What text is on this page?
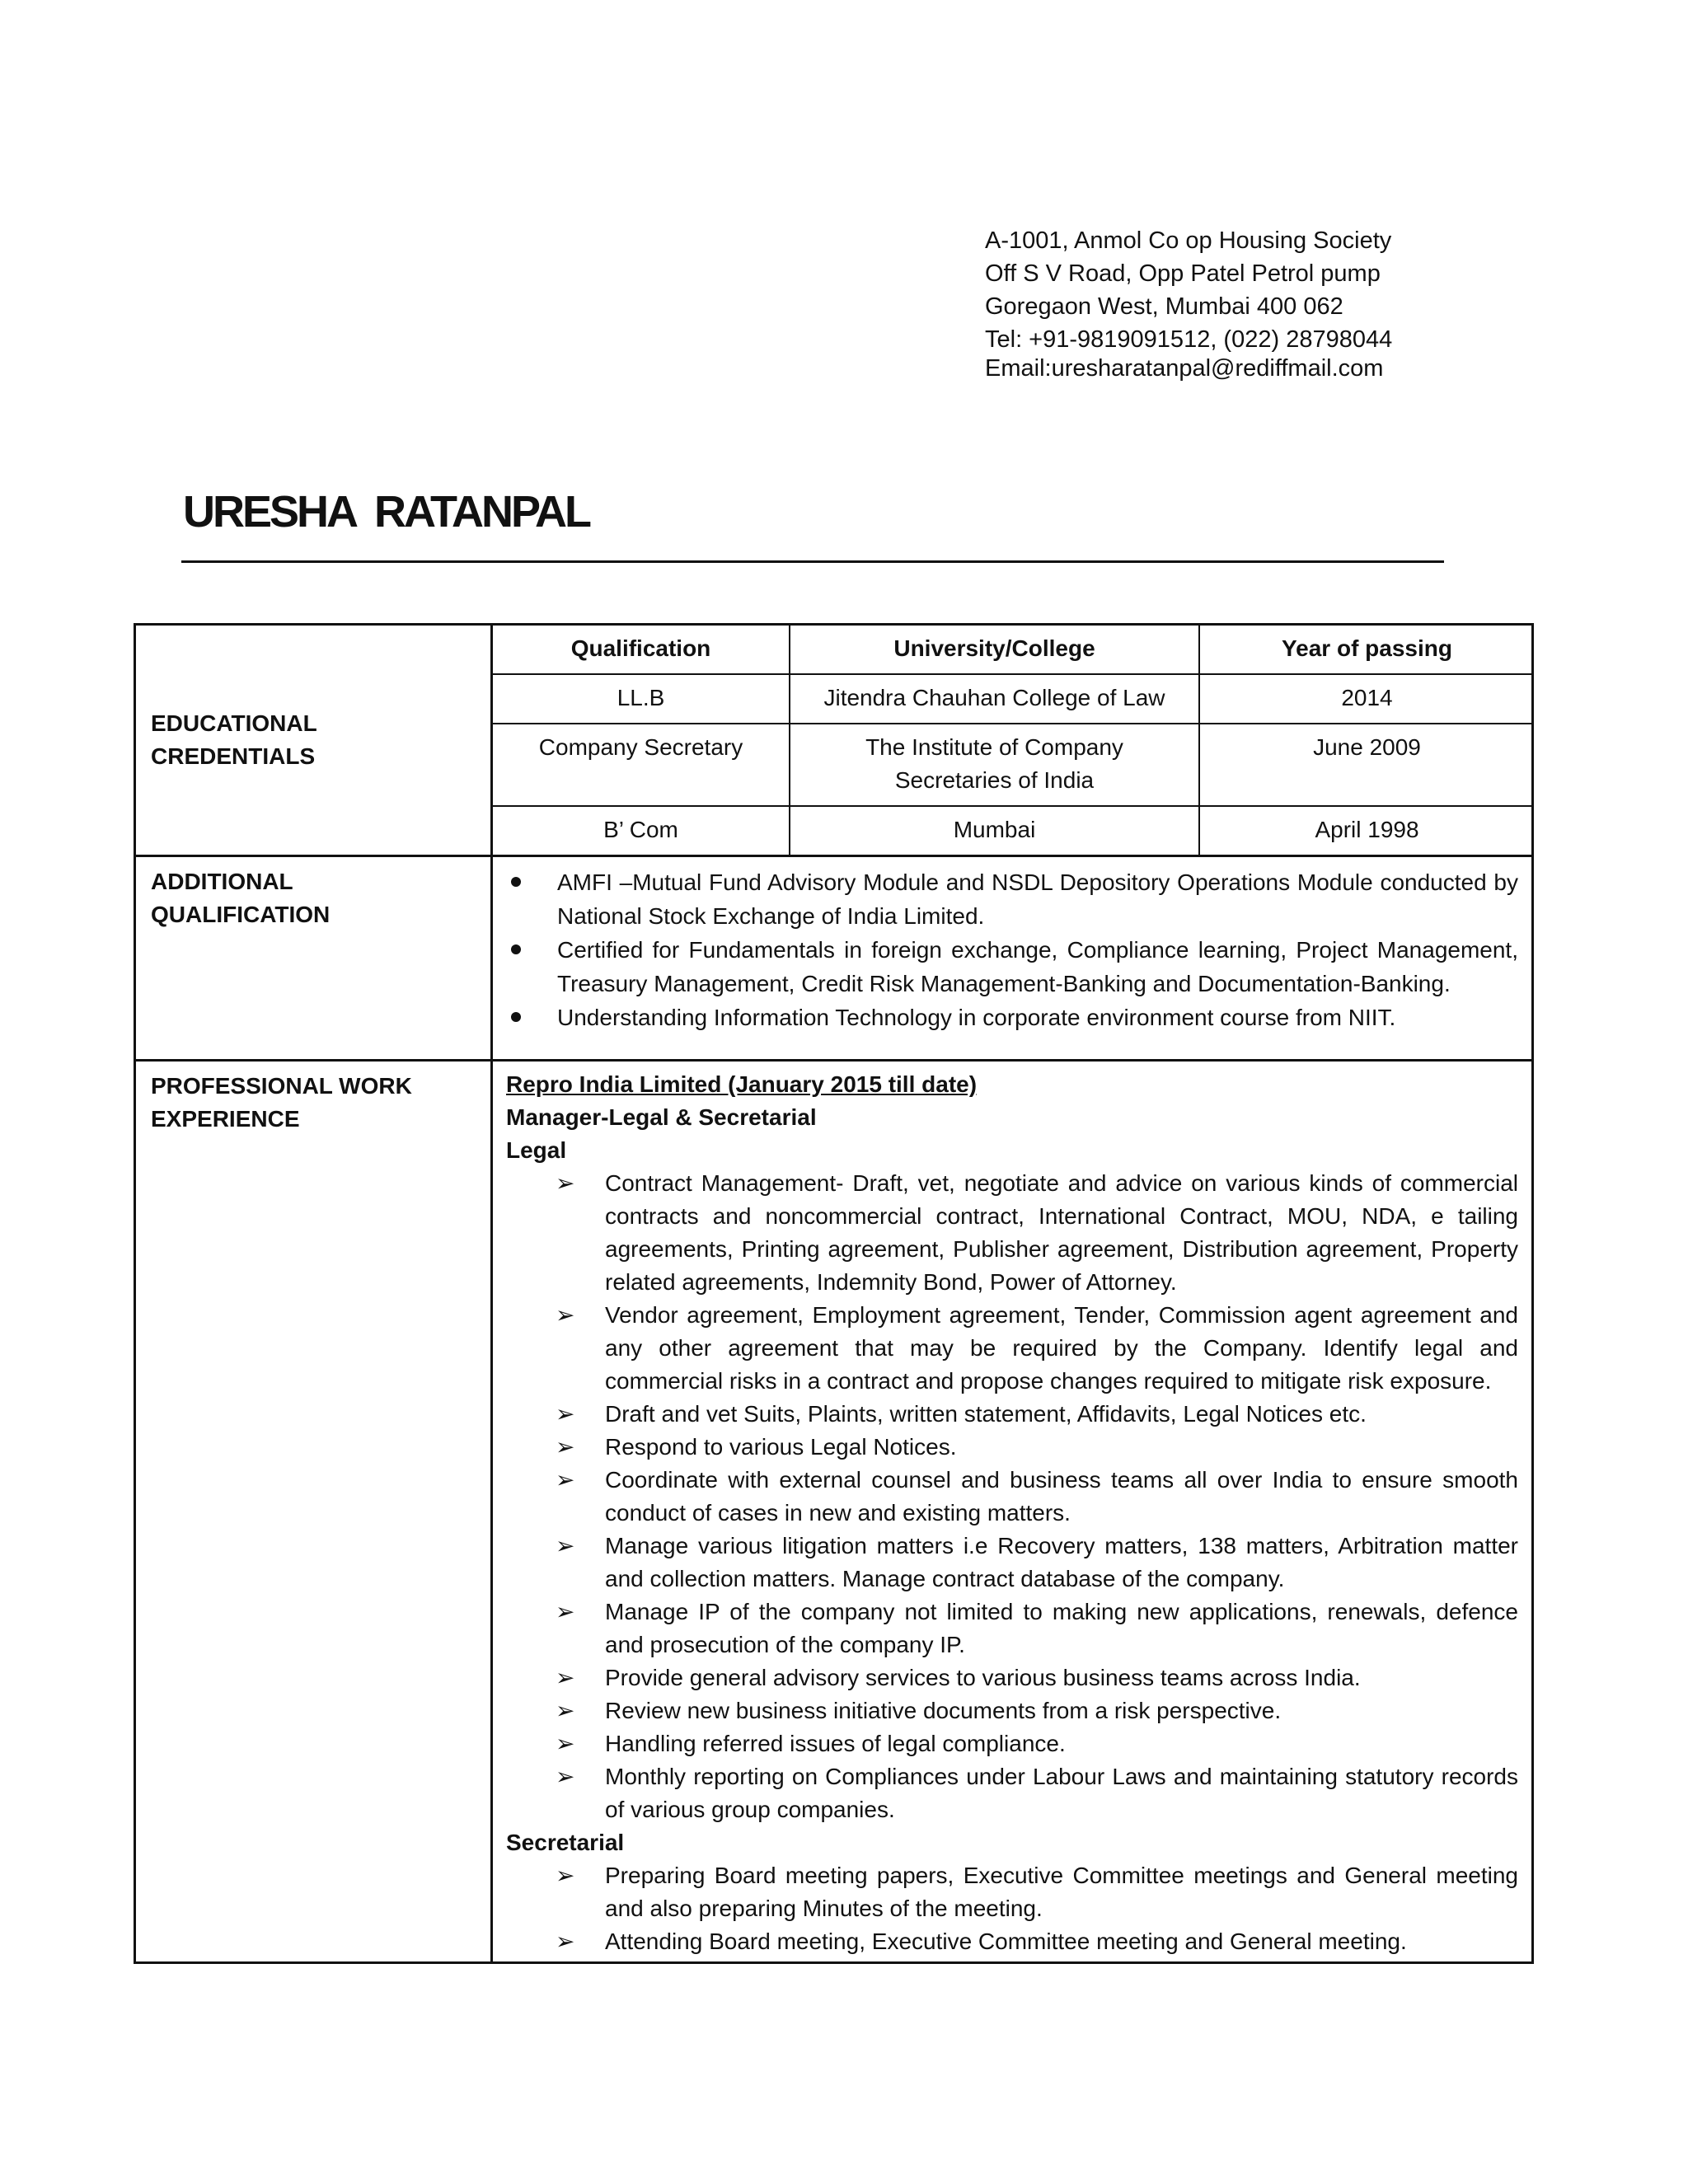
A-1001, Anmol Co op Housing Society
Off S V Road, Opp Patel Petrol pump
Goregaon West, Mumbai 400 062
Tel: +91-9819091512, (022) 28798044
Email:uresharatanpal@rediffmail.com
URESHA RATANPAL
EDUCATIONAL CREDENTIALS	
Qualification	University/College	Year of passing
LL.B	Jitendra Chauhan College of Law	2014
Company Secretary	The Institute of Company Secretaries of India	June 2009
B’ Com	Mumbai	April 1998

ADDITIONAL QUALIFICATION	
AMFI –Mutual Fund Advisory Module and NSDL Depository Operations Module conducted by National Stock Exchange of India Limited.
Certified for Fundamentals in foreign exchange, Compliance learning, Project Management, Treasury Management, Credit Risk Management-Banking and Documentation-Banking.
Understanding Information Technology in corporate environment course from NIIT.

PROFESSIONAL WORK EXPERIENCE	
Repro India Limited (January 2015 till date)
Manager-Legal & Secretarial
Legal
➢ Contract Management- Draft, vet, negotiate and advice on various kinds of commercial contracts and noncommercial contract, International Contract, MOU, NDA, e tailing agreements, Printing agreement, Publisher agreement, Distribution agreement, Property related agreements, Indemnity Bond, Power of Attorney.
➢ Vendor agreement, Employment agreement, Tender, Commission agent agreement and any other agreement that may be required by the Company. Identify legal and commercial risks in a contract and propose changes required to mitigate risk exposure.
➢ Draft and vet Suits, Plaints, written statement, Affidavits, Legal Notices etc.
➢ Respond to various Legal Notices.
➢ Coordinate with external counsel and business teams all over India to ensure smooth conduct of cases in new and existing matters.
➢ Manage various litigation matters i.e Recovery matters, 138 matters, Arbitration matter and collection matters. Manage contract database of the company.
➢ Manage IP of the company not limited to making new applications, renewals, defence and prosecution of the company IP.
➢ Provide general advisory services to various business teams across India.
➢ Review new business initiative documents from a risk perspective.
➢ Handling referred issues of legal compliance.
➢ Monthly reporting on Compliances under Labour Laws and maintaining statutory records of various group companies.
Secretarial
➢ Preparing Board meeting papers, Executive Committee meetings and General meeting and also preparing Minutes of the meeting.
➢ Attending Board meeting, Executive Committee meeting and General meeting.
